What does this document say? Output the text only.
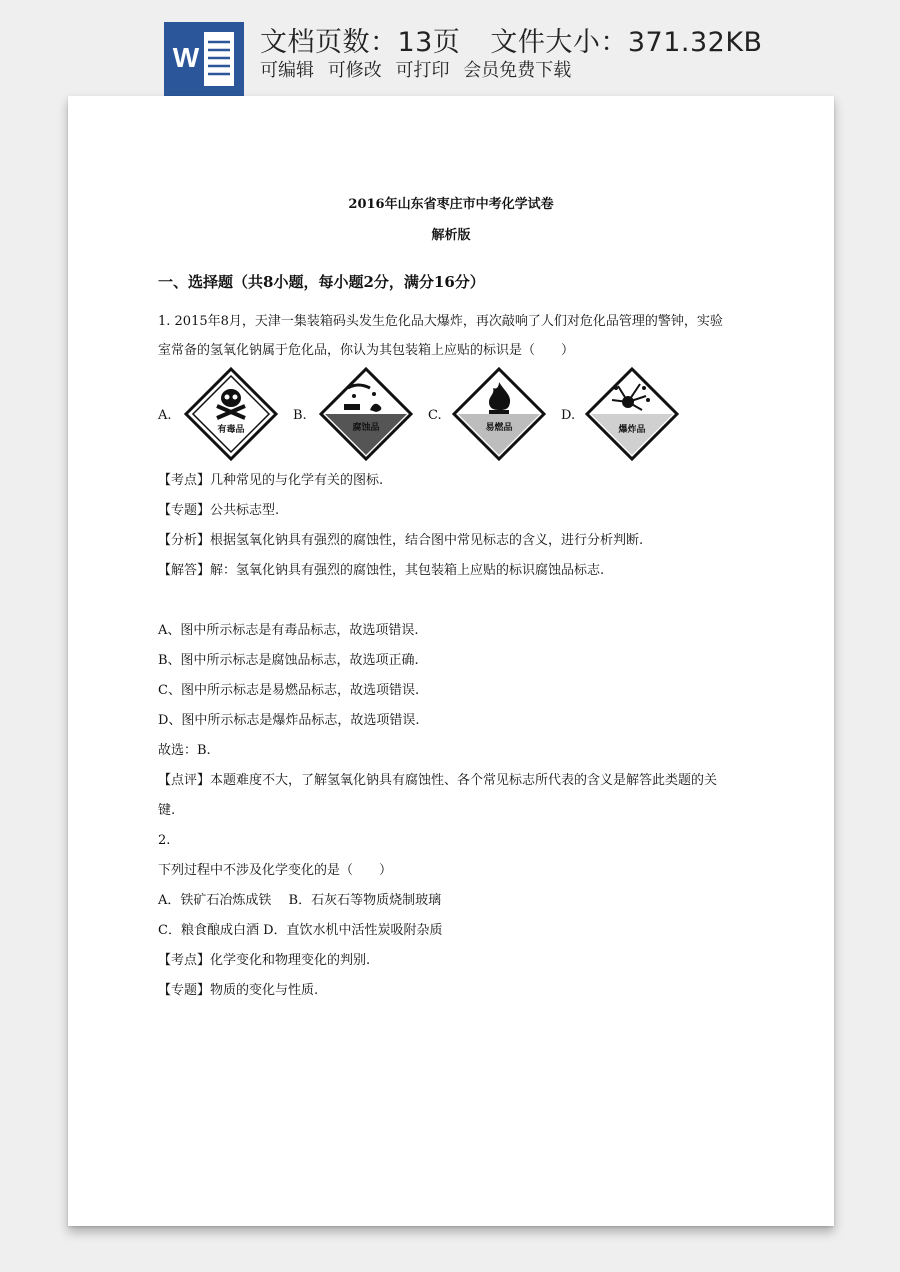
W 文档页数：13页 文件大小：371.32KB
可编辑 可修改 可打印 会员免费下载
2016年山东省枣庄市中考化学试卷
解析版
一、选择题（共8小题，每小题2分，满分16分）
1. 2015年8月，天津一集装箱码头发生危化品大爆炸，再次敲响了人们对危化品管理的警钟，实验
室常备的氢氧化钠属于危化品，你认为其包装箱上应贴的标识是（　　）
A.
有毒品
B.
腐蚀品
C.
易燃品
D.
爆炸品
【考点】几种常见的与化学有关的图标.
【专题】公共标志型.
【分析】根据氢氧化钠具有强烈的腐蚀性，结合图中常见标志的含义，进行分析判断.
【解答】解：氢氧化钠具有强烈的腐蚀性，其包装箱上应贴的标识腐蚀品标志.
A、图中所示标志是有毒品标志，故选项错误.
B、图中所示标志是腐蚀品标志，故选项正确.
C、图中所示标志是易燃品标志，故选项错误.
D、图中所示标志是爆炸品标志，故选项错误.
故选：B.
【点评】本题难度不大，了解氢氧化钠具有腐蚀性、各个常见标志所代表的含义是解答此类题的关
键.
2.
下列过程中不涉及化学变化的是（　　）
A．铁矿石冶炼成铁　 B．石灰石等物质烧制玻璃
C．粮食酿成白酒 D．直饮水机中活性炭吸附杂质
【考点】化学变化和物理变化的判别.
【专题】物质的变化与性质.
